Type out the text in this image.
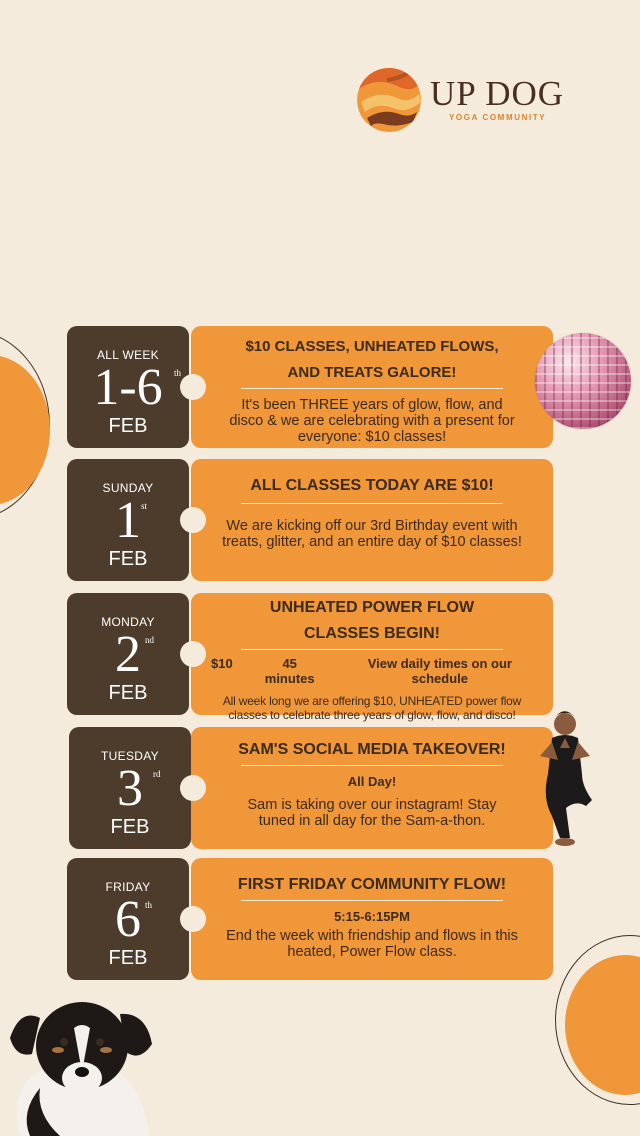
UP DOG
YOGA COMMUNITY
ALL WEEK
1-6	th
FEB
$10 CLASSES, UNHEATED FLOWS, AND TREATS GALORE!
It's been THREE years of glow, flow, and disco & we are celebrating with a present for everyone: $10 classes!
SUNDAY
1 st
FEB
ALL CLASSES TODAY ARE $10!
We are kicking off our 3rd Birthday event with treats, glitter, and an entire day of $10 classes!
MONDAY
2 nd
FEB
UNHEATED POWER FLOW CLASSES BEGIN!
$10	45 minutes
View daily times on our schedule
All week long we are offering $10, UNHEATED power flow classes to celebrate three years of glow, flow, and disco!
TUESDAY
3	rd
FEB
SAM'S SOCIAL MEDIA TAKEOVER!
All Day!
Sam is taking over our instagram! Stay tuned in all day for the Sam-a-thon.
FRIDAY
6 th
FEB
FIRST FRIDAY COMMUNITY FLOW!
5:15-6:15PM
End the week with friendship and flows in this heated, Power Flow class.
